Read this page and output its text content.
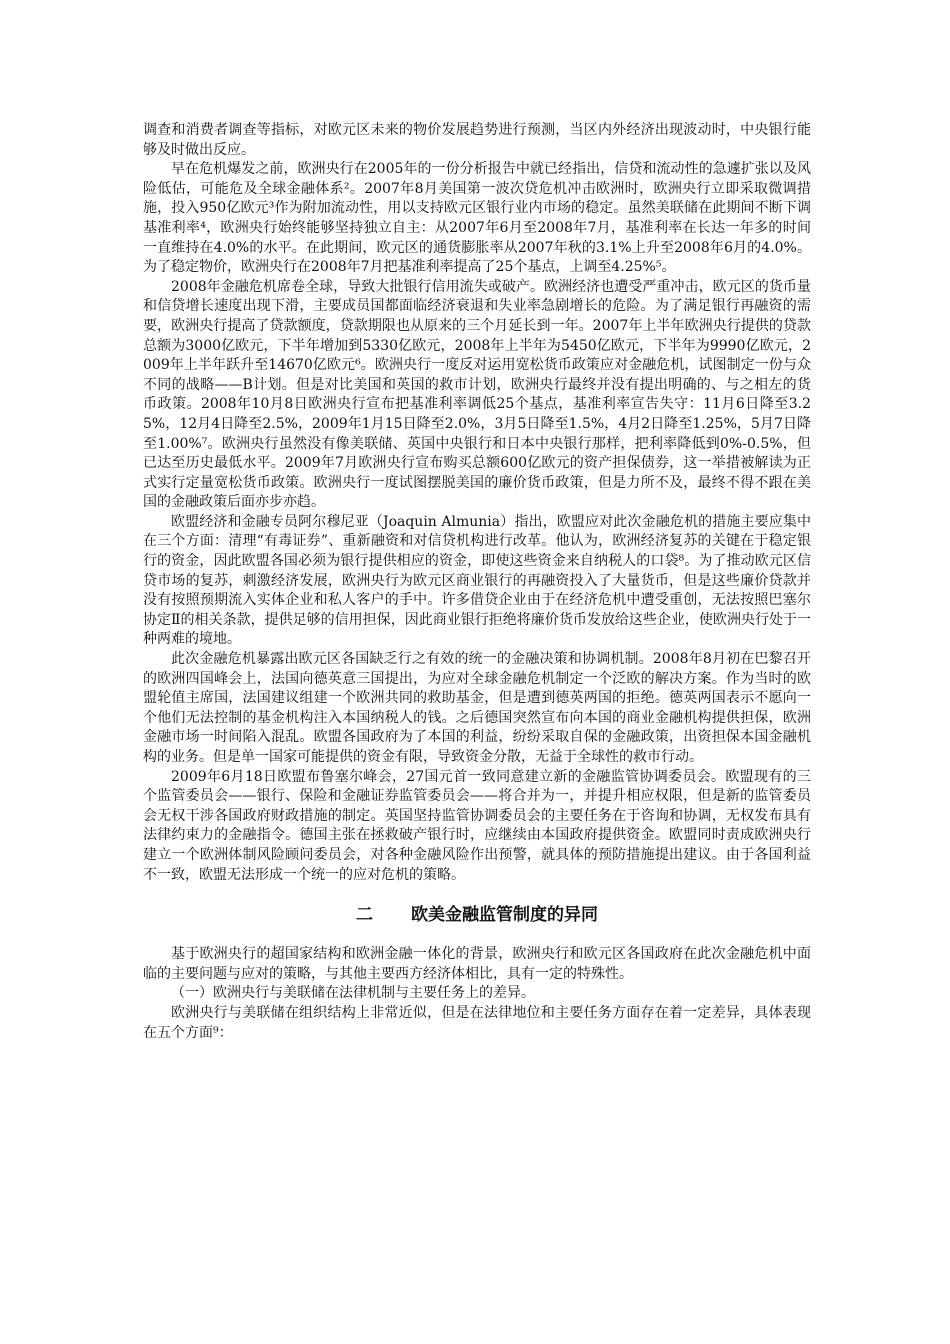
调查和消费者调查等指标，对欧元区未来的物价发展趋势进行预测，当区内外经济出现波动时，中央银行能够及时做出反应。

早在危机爆发之前，欧洲央行在2005年的一份分析报告中就已经指出，信贷和流动性的急遽扩张以及风险低估，可能危及全球金融体系²。2007年8月美国第一波次贷危机冲击欧洲时，欧洲央行立即采取微调措施，投入950亿欧元³作为附加流动性，用以支持欧元区银行业内市场的稳定。虽然美联储在此期间不断下调基准利率⁴，欧洲央行始终能够坚持独立自主：从2007年6月至2008年7月，基准利率在长达一年多的时间一直维持在4.0%的水平。在此期间，欧元区的通货膨胀率从2007年秋的3.1%上升至2008年6月的4.0%。为了稳定物价，欧洲央行在2008年7月把基准利率提高了25个基点，上调至4.25%⁵。

2008年金融危机席卷全球，导致大批银行信用流失或破产。欧洲经济也遭受严重冲击，欧元区的货币量和信贷增长速度出现下滑，主要成员国都面临经济衰退和失业率急剧增长的危险。为了满足银行再融资的需要，欧洲央行提高了贷款额度，贷款期限也从原来的三个月延长到一年。2007年上半年欧洲央行提供的贷款总额为3000亿欧元，下半年增加到5330亿欧元，2008年上半年为5450亿欧元，下半年为9990亿欧元，2009年上半年跃升至14670亿欧元⁶。欧洲央行一度反对运用宽松货币政策应对金融危机，试图制定一份与众不同的战略——B计划。但是对比美国和英国的救市计划，欧洲央行最终并没有提出明确的、与之相左的货币政策。2008年10月8日欧洲央行宣布把基准利率调低25个基点，基准利率宣告失守：11月6日降至3.25%，12月4日降至2.5%，2009年1月15日降至2.0%，3月5日降至1.5%，4月2日降至1.25%，5月7日降至1.00%⁷。欧洲央行虽然没有像美联储、英国中央银行和日本中央银行那样，把利率降低到0%-0.5%，但已达至历史最低水平。2009年7月欧洲央行宣布购买总额600亿欧元的资产担保债券，这一举措被解读为正式实行定量宽松货币政策。欧洲央行一度试图摆脱美国的廉价货币政策，但是力所不及，最终不得不跟在美国的金融政策后面亦步亦趋。

欧盟经济和金融专员阿尔穆尼亚（Joaquin Almunia）指出，欧盟应对此次金融危机的措施主要应集中在三个方面：清理“有毒证券”、重新融资和对信贷机构进行改革。他认为，欧洲经济复苏的关键在于稳定银行的资金，因此欧盟各国必须为银行提供相应的资金，即使这些资金来自纳税人的口袋⁸。为了推动欧元区信贷市场的复苏，刺激经济发展，欧洲央行为欧元区商业银行的再融资投入了大量货币，但是这些廉价贷款并没有按照预期流入实体企业和私人客户的手中。许多借贷企业由于在经济危机中遭受重创，无法按照巴塞尔协定Ⅱ的相关条款，提供足够的信用担保，因此商业银行拒绝将廉价货币发放给这些企业，使欧洲央行处于一种两难的境地。

此次金融危机暴露出欧元区各国缺乏行之有效的统一的金融决策和协调机制。2008年8月初在巴黎召开的欧洲四国峰会上，法国向德英意三国提出，为应对全球金融危机制定一个泛欧的解决方案。作为当时的欧盟轮值主席国，法国建议组建一个欧洲共同的救助基金，但是遭到德英两国的拒绝。德英两国表示不愿向一个他们无法控制的基金机构注入本国纳税人的钱。之后德国突然宣布向本国的商业金融机构提供担保，欧洲金融市场一时间陷入混乱。欧盟各国政府为了本国的利益，纷纷采取自保的金融政策，出资担保本国金融机构的业务。但是单一国家可能提供的资金有限，导致资金分散，无益于全球性的救市行动。

2009年6月18日欧盟布鲁塞尔峰会，27国元首一致同意建立新的金融监管协调委员会。欧盟现有的三个监管委员会——银行、保险和金融证券监管委员会——将合并为一，并提升相应权限，但是新的监管委员会无权干涉各国政府财政措施的制定。英国坚持监管协调委员会的主要任务在于咨询和协调，无权发布具有法律约束力的金融指令。德国主张在拯救破产银行时，应继续由本国政府提供资金。欧盟同时责成欧洲央行建立一个欧洲体制风险顾问委员会，对各种金融风险作出预警，就具体的预防措施提出建议。由于各国利益不一致，欧盟无法形成一个统一的应对危机的策略。

二 欧美金融监管制度的异同

基于欧洲央行的超国家结构和欧洲金融一体化的背景，欧洲央行和欧元区各国政府在此次金融危机中面临的主要问题与应对的策略，与其他主要西方经济体相比，具有一定的特殊性。

（一）欧洲央行与美联储在法律机制与主要任务上的差异。

欧洲央行与美联储在组织结构上非常近似，但是在法律地位和主要任务方面存在着一定差异，具体表现在五个方面⁹：
